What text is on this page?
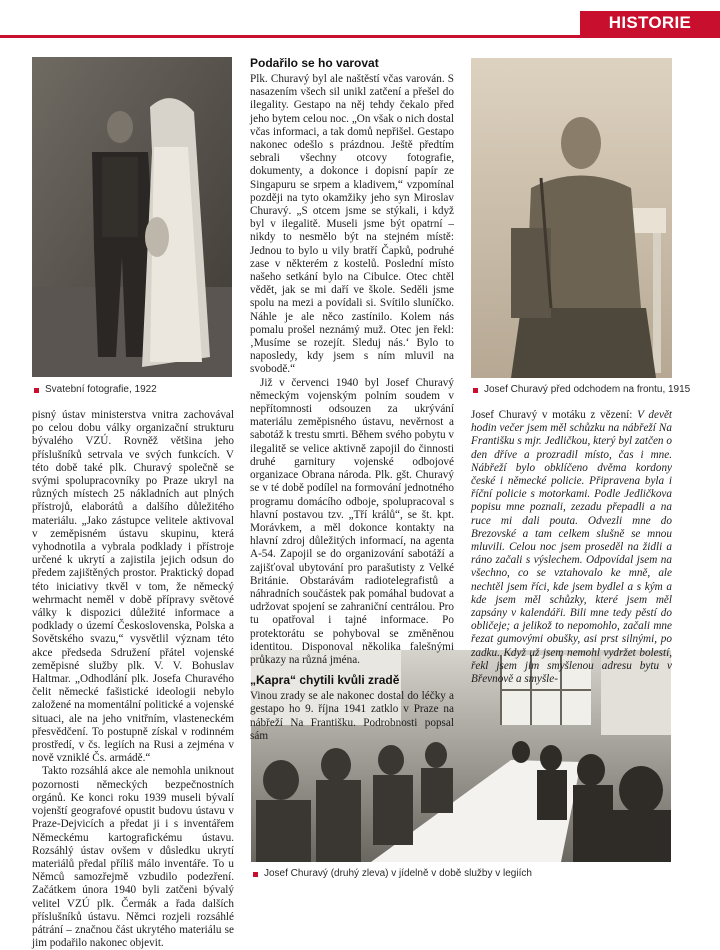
HISTORIE
Svatební fotografie, 1922	Josef Churavý před odchodem na frontu, 1915
Josef Churavý (druhý zleva) v jídelně v době služby v legiích
Podařilo se ho varovat

Plk. Churavý byl ale naštěstí včas varován. S nasazením všech sil unikl zatčení a přešel do ilegality. Gestapo na něj tehdy čekalo před jeho bytem celou noc. „On však o nich dostal včas informaci, a tak domů nepřišel. Gestapo nakonec odešlo s prázdnou. Ještě předtím sebrali všechny otcovy fotografie, dokumenty, a dokonce i dopisní papír ze Singapuru se srpem a kladivem,“ vzpomínal později na tyto okamžiky jeho syn Miroslav Churavý. „S otcem jsme se stýkali, i když byl v ilegalitě. Museli jsme být opatrní – nikdy to nesmělo být na stejném místě: Jednou to bylo u vily bratří Čapků, podruhé zase v některém z kostelů. Poslední místo našeho setkání bylo na Cibulce. Otec chtěl vědět, jak se mi daří ve škole. Seděli jsme spolu na mezi a povídali si. Svítilo sluníčko. Náhle je ale něco zastínilo. Kolem nás pomalu prošel neznámý muž. Otec jen řekl: ‚Musíme se rozejít. Sleduj nás.‘ Bylo to naposledy, kdy jsem s ním mluvil na svobodě.“

Již v červenci 1940 byl Josef Churavý německým vojenským polním soudem v nepřítomnosti odsouzen za ukrývání materiálu zeměpisného ústavu, nevěrnost a sabotáž k trestu smrti. Během svého pobytu v ilegalitě se velice aktivně zapojil do činnosti druhé garnitury vojenské odbojové organizace Obrana národa. Plk. gšt. Churavý se v té době podílel na formování jednotného programu domácího odboje, spolupracoval s hlavní postavou tzv. „Tří králů“, se št. kpt. Morávkem, a měl dokonce kontakty na hlavní zdroj důležitých informací, na agenta A-54. Zapojil se do organizování sabotáží a zajišťoval ubytování pro parašutisty z Velké Británie. Obstarávám radiotelegrafistů a náhradních součástek pak pomáhal budovat a udržovat spojení se zahraniční centrálou. Pro tu opatřoval i tajné informace. Po protektorátu se pohyboval se změněnou identitou. Disponoval několika falešnými průkazy na různá jména.

„Kapra“ chytili kvůli zradě

Vinou zrady se ale nakonec dostal do léčky a gestapo ho 9. října 1941 zatklo v Praze na nábřeží Na Františku. Podrobnosti popsal sám

pisný ústav ministerstva vnitra zachovával po celou dobu války organizační strukturu bývalého VZÚ. Rovněž většina jeho příslušníků setrvala ve svých funkcích. V této době také plk. Churavý společně se svými spolupracovníky po Praze ukryl na různých místech 25 nákladních aut plných přístrojů, elaborátů a dalšího důležitého materiálu. „Jako zástupce velitele aktivoval v zeměpisném ústavu skupinu, která vyhodnotila a vybrala podklady i přístroje určené k ukrytí a zajistila jejich odsun do předem zajištěných prostor. Praktický dopad této iniciativy tkvěl v tom, že německý wehrmacht neměl v době přípravy světové války k dispozici důležité informace a podklady o území Československa, Polska a Sovětského svazu,“ vysvětlil význam této akce předseda Sdružení přátel vojenské zeměpisné služby plk. V. V. Bohuslav Haltmar. „Odhodlání plk. Josefa Churavého čelit německé fašistické ideologii nebylo založené na momentální politické a vojenské situaci, ale na jeho vnitřním, vlasteneckém přesvědčení. To postupně získal v rodinném prostředí, v čs. legiích na Rusi a zejména v nově vzniklé Čs. armádě.“

Takto rozsáhlá akce ale nemohla uniknout pozornosti německých bezpečnostních orgánů. Ke konci roku 1939 museli bývalí vojenští geografové opustit budovu ústavu v Praze-Dejvicích a předat ji i s inventářem Německému kartografickému ústavu. Rozsáhlý ústav ovšem v důsledku ukrytí materiálů předal příliš málo inventáře. To u Němců samozřejmě vzbudilo podezření. Začátkem února 1940 byli zatčeni bývalý velitel VZÚ plk. Čermák a řada dalších příslušníků ústavu. Němci rozjeli rozsáhlé pátrání – značnou část ukrytého materiálu se jim podařilo nakonec objevit.

Josef Churavý v motáku z vězení: V devět hodin večer jsem měl schůzku na nábřeží Na Františku s mjr. Jedličkou, který byl zatčen o den dříve a prozradil místo, čas i mne. Nábřeží bylo obklíčeno dvěma kordony české i německé policie. Připravena byla i říční policie s motorkami. Podle Jedličkova popisu mne poznali, zezadu přepadli a na ruce mi dali pouta. Odvezli mne do Brezovské a tam celkem slušně se mnou mluvili. Celou noc jsem proseděl na židli a ráno začali s výslechem. Odpovídal jsem na všechno, co se vztahovalo ke mně, ale nechtěl jsem říci, kde jsem bydlel a s kým a kde jsem měl schůzky, které jsem měl zapsány v kalendáři. Bili mne tedy pěstí do obličeje; a jelikož to nepomohlo, začali mne řezat gumovými obušky, asi prst silnými, po zadku. Když už jsem nemohl vydržet bolestí, řekl jsem jim smyšlenou adresu bytu v Břevnově a smyšle-
